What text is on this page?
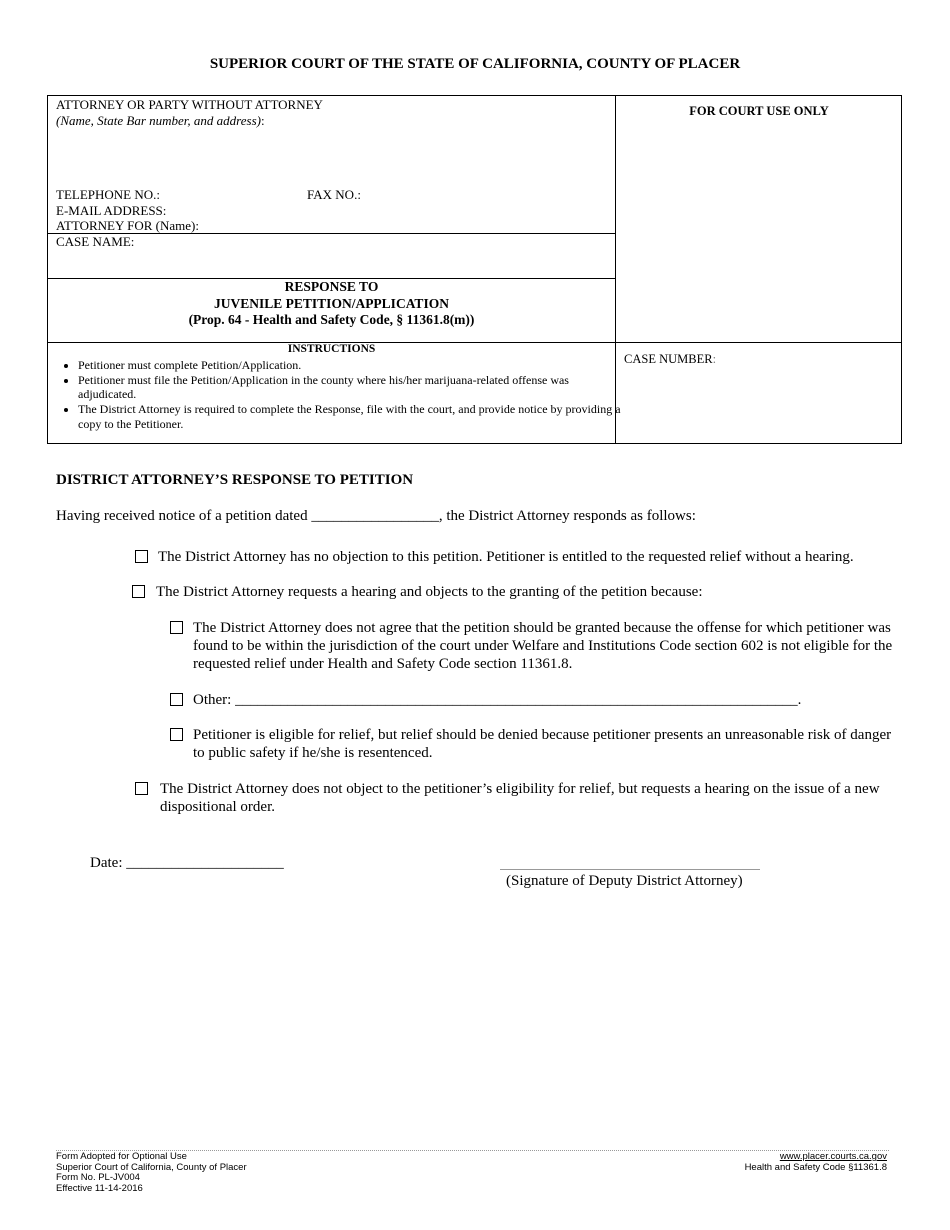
SUPERIOR COURT OF THE STATE OF CALIFORNIA, COUNTY OF PLACER
ATTORNEY OR PARTY WITHOUT ATTORNEY
(Name, State Bar number, and address):
TELEPHONE NO.:	FAX NO.:
E-MAIL ADDRESS:
ATTORNEY FOR (Name):
CASE NAME:
FOR COURT USE ONLY
CASE NUMBER:
RESPONSE TO
JUVENILE PETITION/APPLICATION
(Prop. 64 - Health and Safety Code, § 11361.8(m))
INSTRUCTIONS
• Petitioner must complete Petition/Application.
• Petitioner must file the Petition/Application in the county where his/her marijuana-related offense was adjudicated.
• The District Attorney is required to complete the Response, file with the court, and provide notice by providing a copy to the Petitioner.
DISTRICT ATTORNEY’S RESPONSE TO PETITION
Having received notice of a petition dated _________________, the District Attorney responds as follows:
The District Attorney has no objection to this petition. Petitioner is entitled to the requested relief without a hearing.
The District Attorney requests a hearing and objects to the granting of the petition because:
The District Attorney does not agree that the petition should be granted because the offense for which petitioner was found to be within the jurisdiction of the court under Welfare and Institutions Code section 602 is not eligible for the requested relief under Health and Safety Code section 11361.8.
Other: ___________________________________________________________________________.
Petitioner is eligible for relief, but relief should be denied because petitioner presents an unreasonable risk of danger to public safety if he/she is resentenced.
The District Attorney does not object to the petitioner’s eligibility for relief, but requests a hearing on the issue of a new dispositional order.
Date: _____________________
(Signature of Deputy District Attorney)
Form Adopted for Optional Use
Superior Court of California, County of Placer
Form No. PL-JV004
Effective 11-14-2016
www.placer.courts.ca.gov
Health and Safety Code §11361.8
